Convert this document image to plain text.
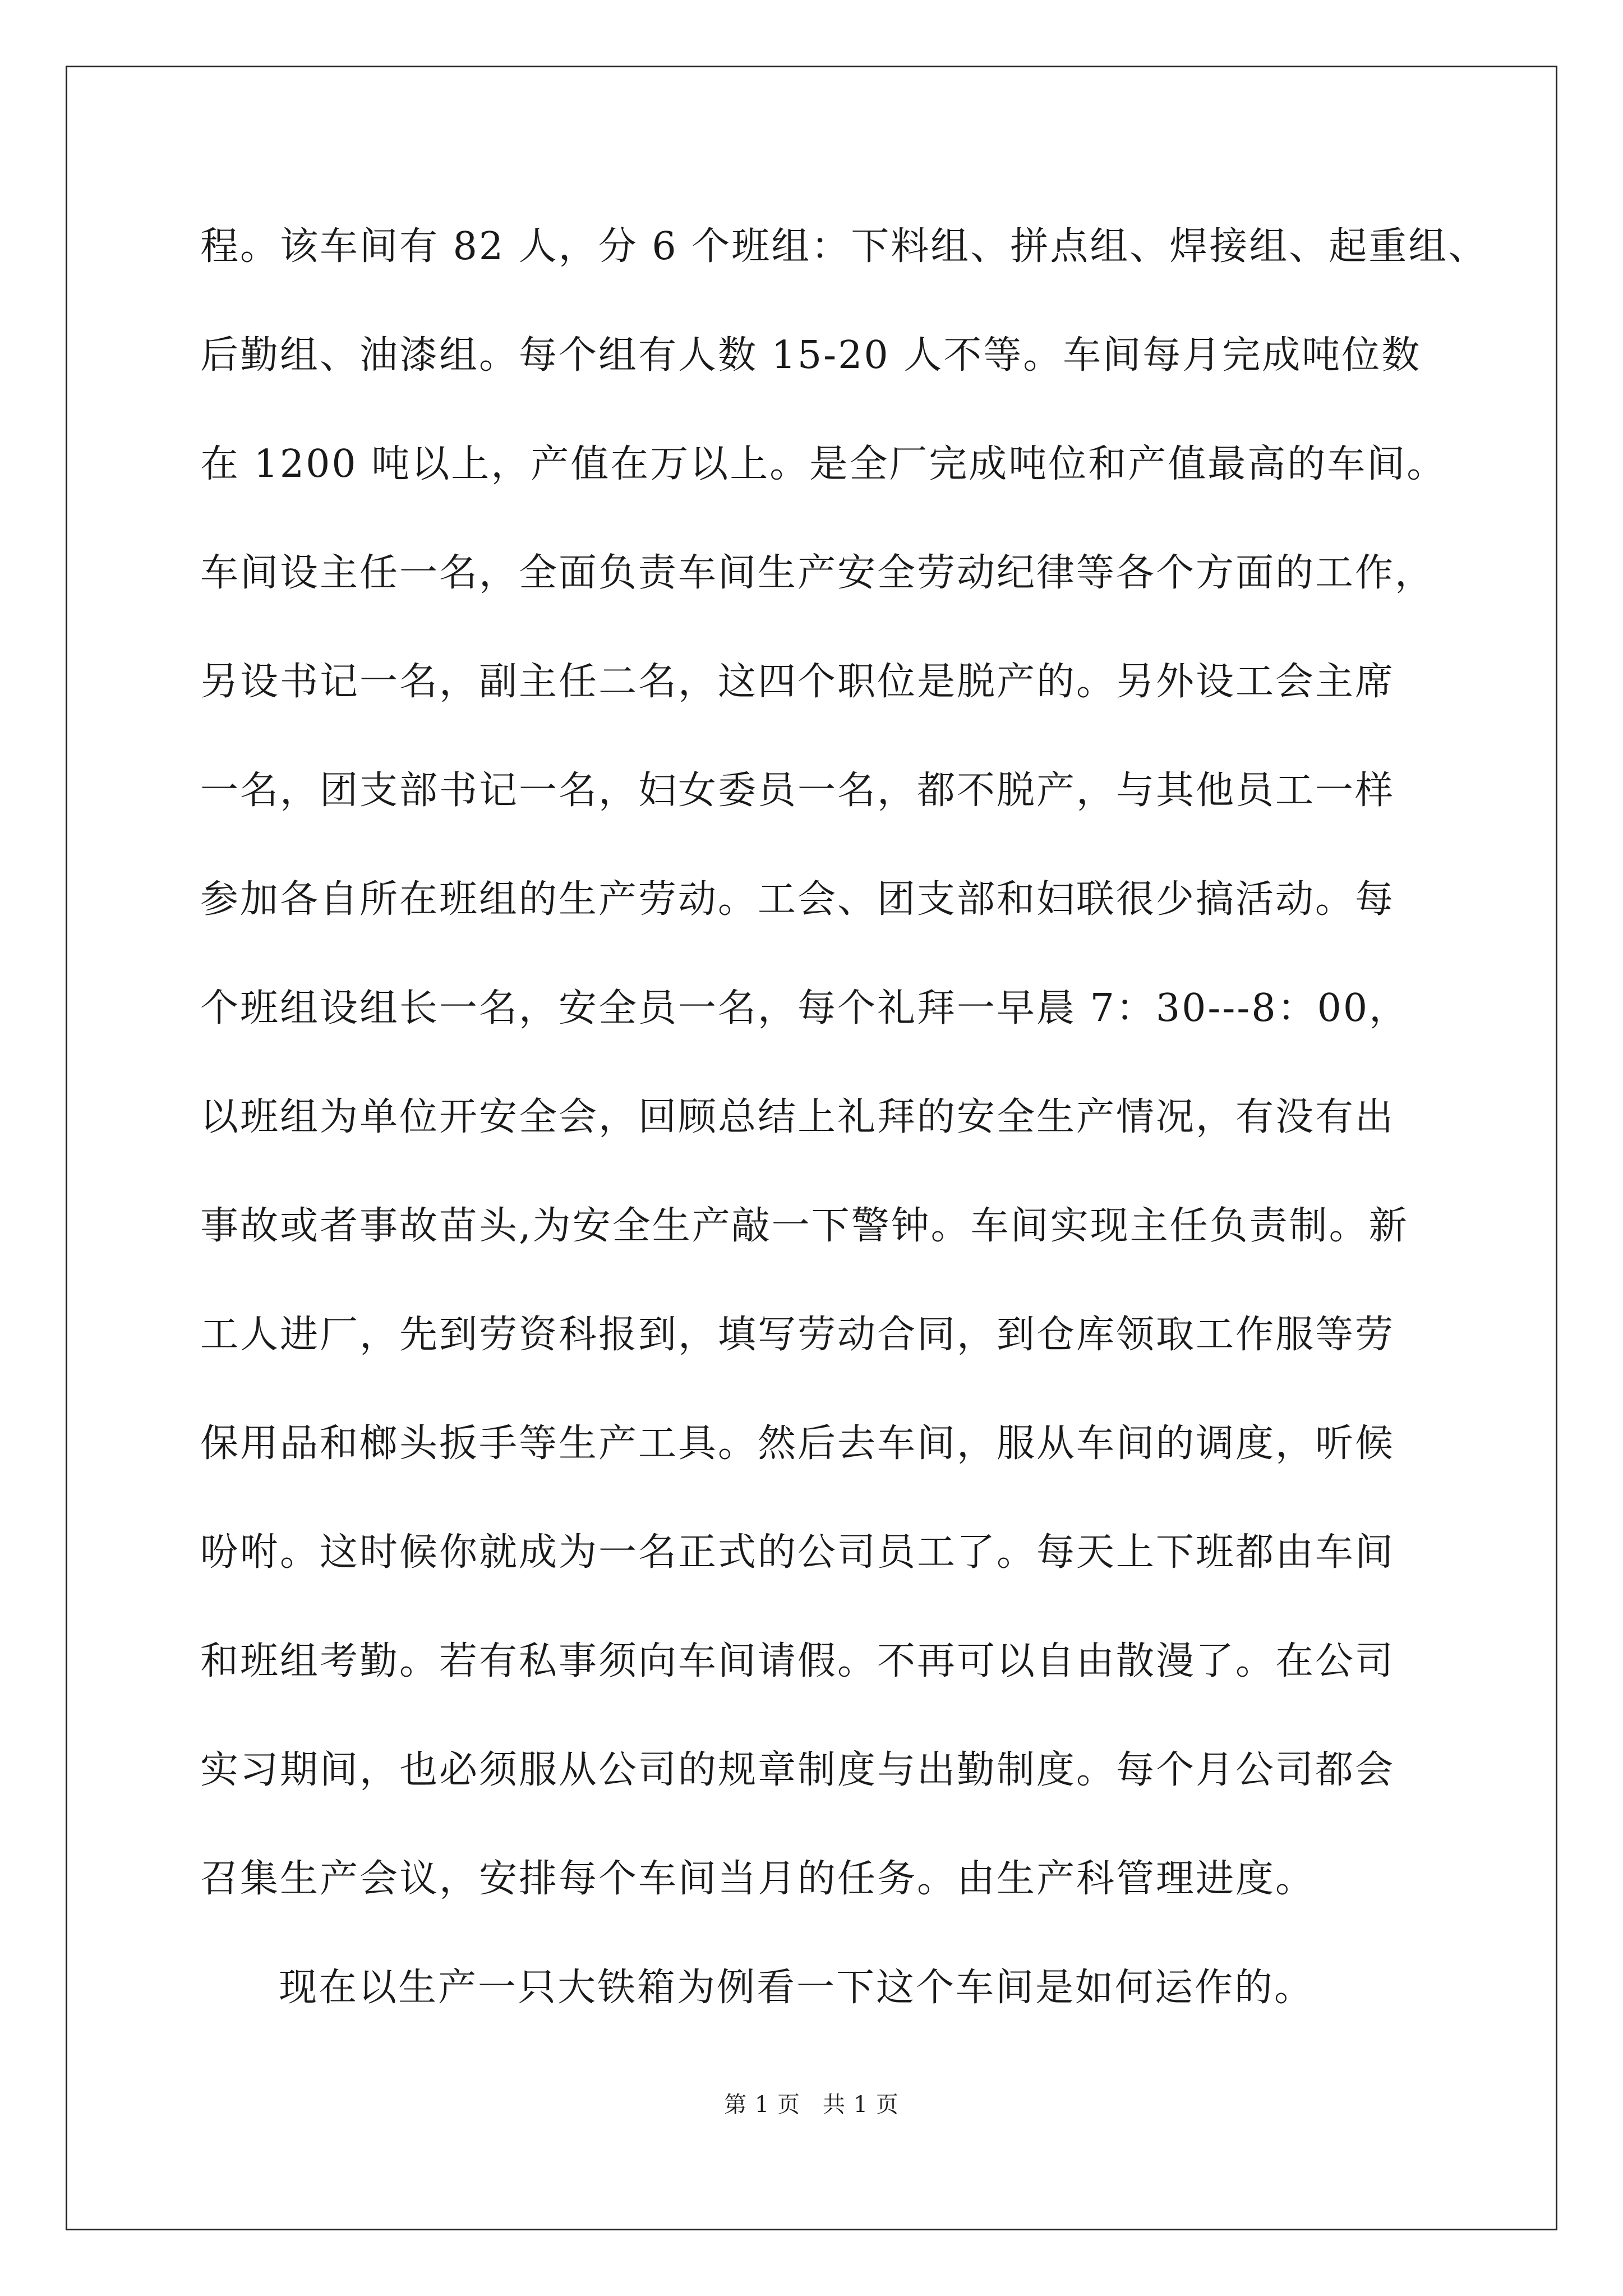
程。该车间有 82 人，分 6 个班组：下料组、拼点组、焊接组、起重组、
后勤组、油漆组。每个组有人数 15-20 人不等。车间每月完成吨位数
在 1200 吨以上，产值在万以上。是全厂完成吨位和产值最高的车间。
车间设主任一名，全面负责车间生产安全劳动纪律等各个方面的工作，
另设书记一名，副主任二名，这四个职位是脱产的。另外设工会主席
一名，团支部书记一名，妇女委员一名，都不脱产，与其他员工一样
参加各自所在班组的生产劳动。工会、团支部和妇联很少搞活动。每
个班组设组长一名，安全员一名，每个礼拜一早晨 7：30---8：00，
以班组为单位开安全会，回顾总结上礼拜的安全生产情况，有没有出
事故或者事故苗头,为安全生产敲一下警钟。车间实现主任负责制。新
工人进厂，先到劳资科报到，填写劳动合同，到仓库领取工作服等劳
保用品和榔头扳手等生产工具。然后去车间，服从车间的调度，听候
吩咐。这时候你就成为一名正式的公司员工了。每天上下班都由车间
和班组考勤。若有私事须向车间请假。不再可以自由散漫了。在公司
实习期间，也必须服从公司的规章制度与出勤制度。每个月公司都会
召集生产会议，安排每个车间当月的任务。由生产科管理进度。
现在以生产一只大铁箱为例看一下这个车间是如何运作的。
第 1 页 共 1 页
